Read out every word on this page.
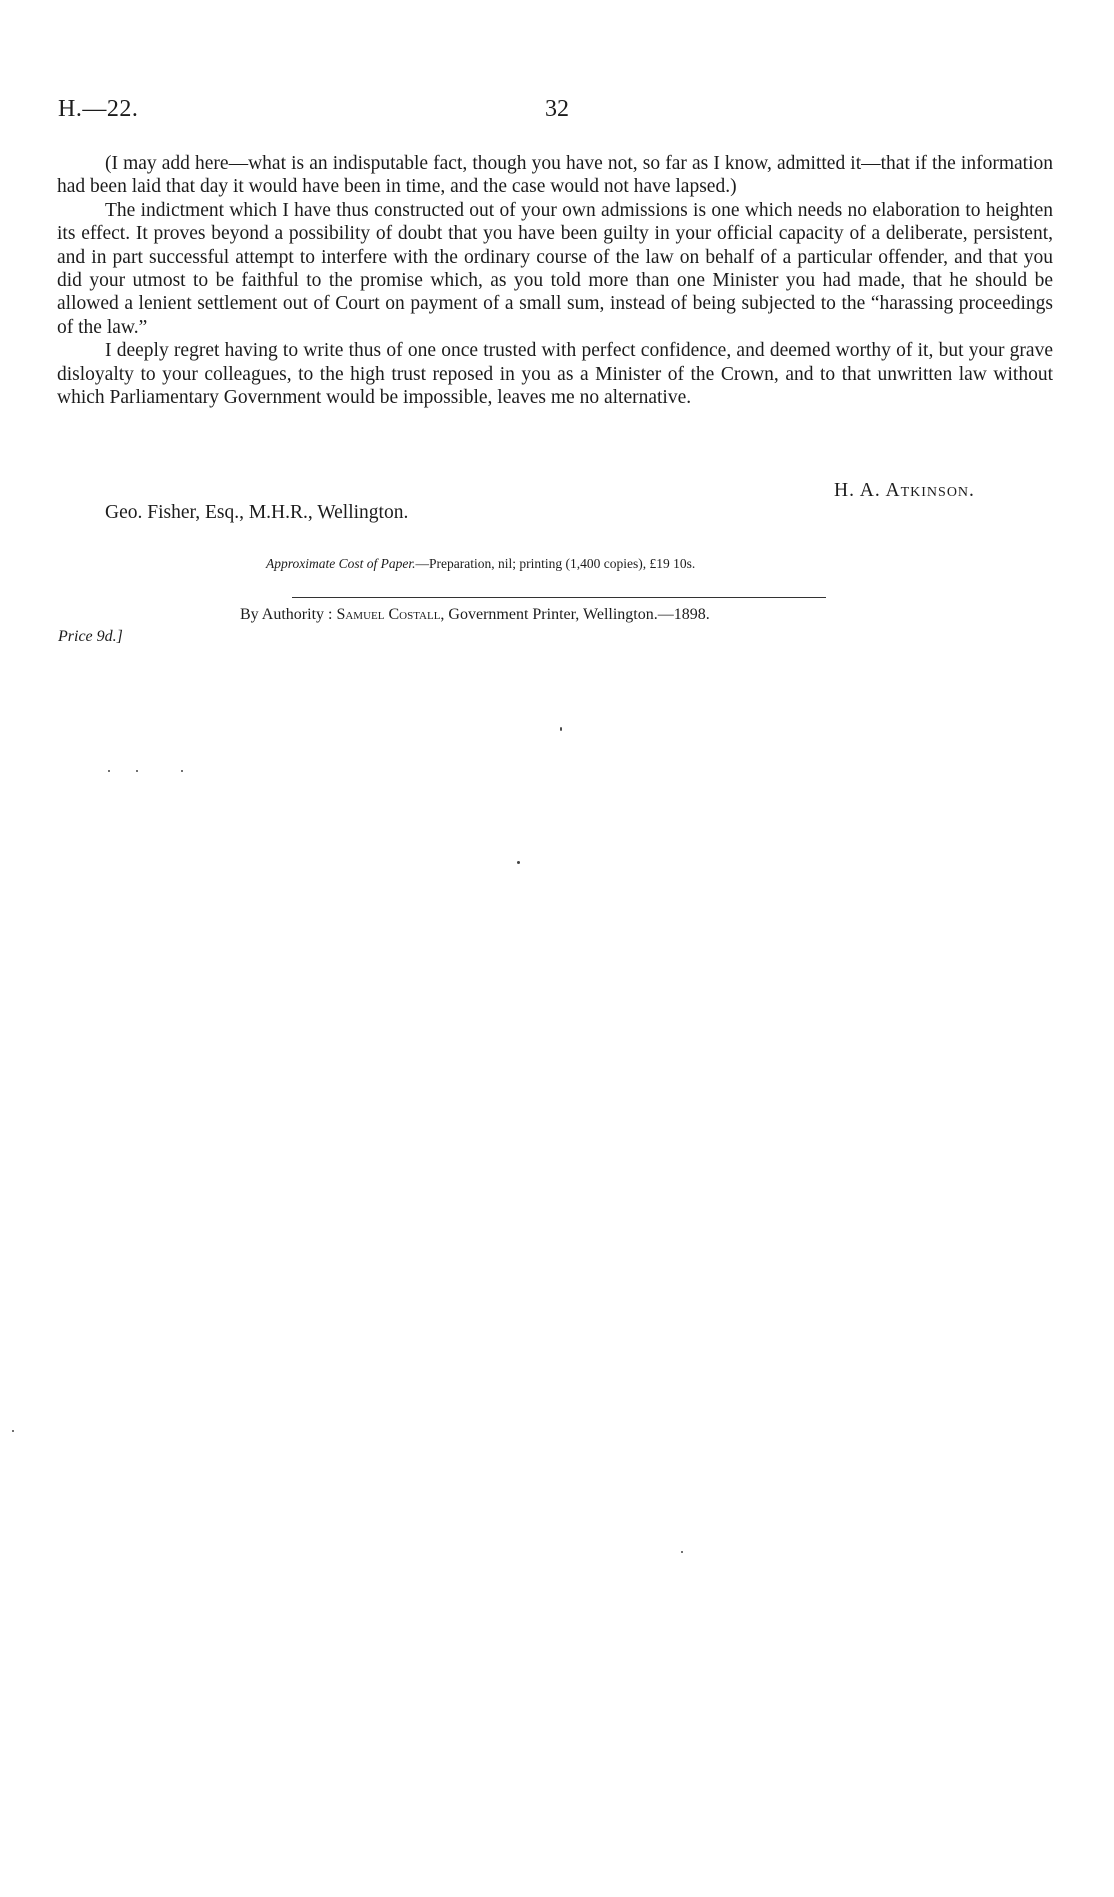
H.—22.	32

(I may add here—what is an indisputable fact, though you have not, so far as I know, admitted it—that if the information had been laid that day it would have been in time, and the case would not have lapsed.)

The indictment which I have thus constructed out of your own admissions is one which needs no elaboration to heighten its effect. It proves beyond a possibility of doubt that you have been guilty in your official capacity of a deliberate, persistent, and in part successful attempt to interfere with the ordinary course of the law on behalf of a particular offender, and that you did your utmost to be faithful to the promise which, as you told more than one Minister you had made, that he should be allowed a lenient settlement out of Court on payment of a small sum, instead of being subjected to the “harassing proceedings of the law.”

I deeply regret having to write thus of one once trusted with perfect confidence, and deemed worthy of it, but your grave disloyalty to your colleagues, to the high trust reposed in you as a Minister of the Crown, and to that unwritten law without which Parliamentary Government would be impossible, leaves me no alternative.

H. A. Atkinson.
Geo. Fisher, Esq., M.H.R., Wellington.
Approximate Cost of Paper.—Preparation, nil; printing (1,400 copies), £19 10s.
By Authority : Samuel Costall, Government Printer, Wellington.—1898.
Price 9d.]
